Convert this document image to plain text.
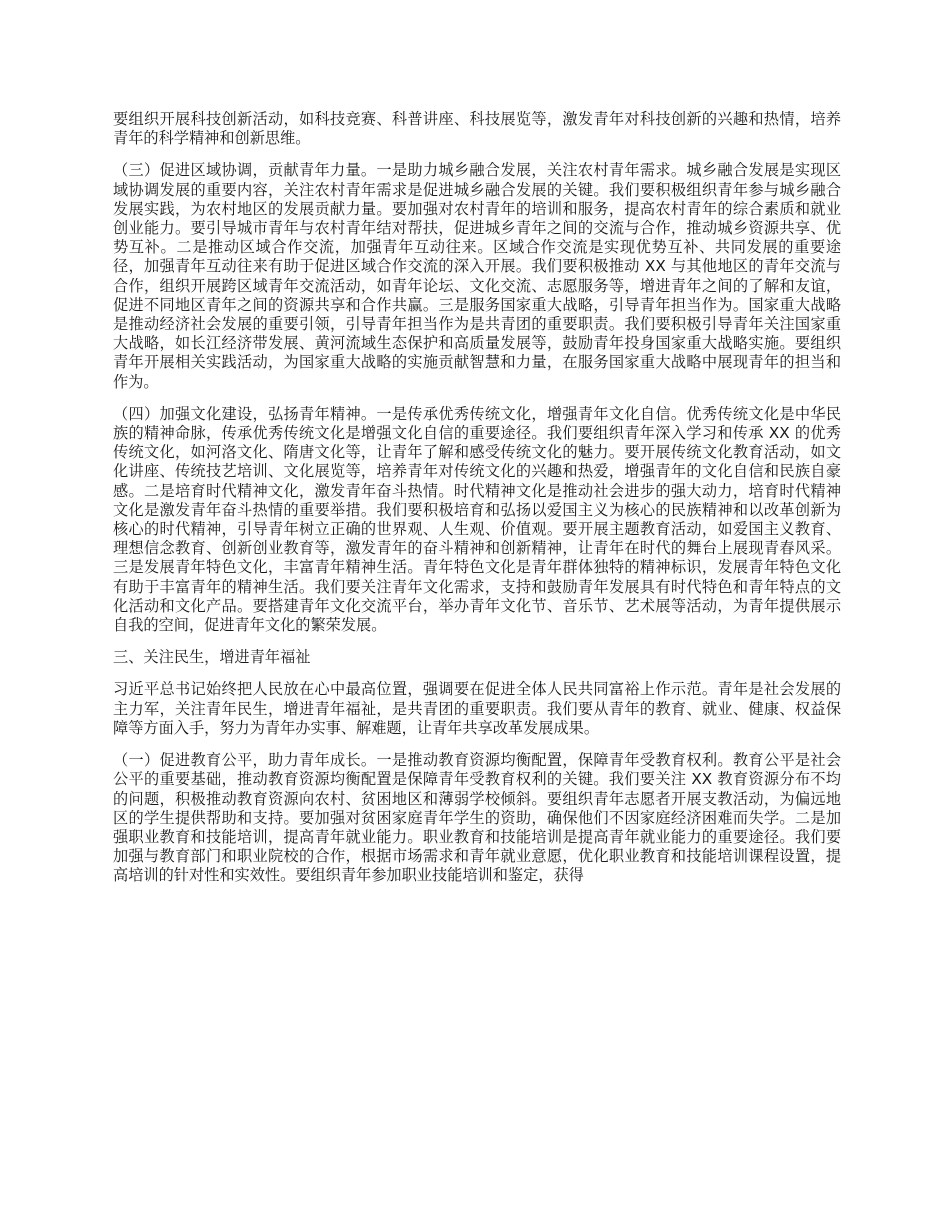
要组织开展科技创新活动，如科技竞赛、科普讲座、科技展览等，激发青年对科技创新的兴趣和热情，培养青年的科学精神和创新思维。

（三）促进区域协调，贡献青年力量。一是助力城乡融合发展，关注农村青年需求。城乡融合发展是实现区域协调发展的重要内容，关注农村青年需求是促进城乡融合发展的关键。我们要积极组织青年参与城乡融合发展实践，为农村地区的发展贡献力量。要加强对农村青年的培训和服务，提高农村青年的综合素质和就业创业能力。要引导城市青年与农村青年结对帮扶，促进城乡青年之间的交流与合作，推动城乡资源共享、优势互补。二是推动区域合作交流，加强青年互动往来。区域合作交流是实现优势互补、共同发展的重要途径，加强青年互动往来有助于促进区域合作交流的深入开展。我们要积极推动 XX 与其他地区的青年交流与合作，组织开展跨区域青年交流活动，如青年论坛、文化交流、志愿服务等，增进青年之间的了解和友谊，促进不同地区青年之间的资源共享和合作共赢。三是服务国家重大战略，引导青年担当作为。国家重大战略是推动经济社会发展的重要引领，引导青年担当作为是共青团的重要职责。我们要积极引导青年关注国家重大战略，如长江经济带发展、黄河流域生态保护和高质量发展等，鼓励青年投身国家重大战略实施。要组织青年开展相关实践活动，为国家重大战略的实施贡献智慧和力量，在服务国家重大战略中展现青年的担当和作为。

（四）加强文化建设，弘扬青年精神。一是传承优秀传统文化，增强青年文化自信。优秀传统文化是中华民族的精神命脉，传承优秀传统文化是增强文化自信的重要途径。我们要组织青年深入学习和传承 XX 的优秀传统文化，如河洛文化、隋唐文化等，让青年了解和感受传统文化的魅力。要开展传统文化教育活动，如文化讲座、传统技艺培训、文化展览等，培养青年对传统文化的兴趣和热爱，增强青年的文化自信和民族自豪感。二是培育时代精神文化，激发青年奋斗热情。时代精神文化是推动社会进步的强大动力，培育时代精神文化是激发青年奋斗热情的重要举措。我们要积极培育和弘扬以爱国主义为核心的民族精神和以改革创新为核心的时代精神，引导青年树立正确的世界观、人生观、价值观。要开展主题教育活动，如爱国主义教育、理想信念教育、创新创业教育等，激发青年的奋斗精神和创新精神，让青年在时代的舞台上展现青春风采。三是发展青年特色文化，丰富青年精神生活。青年特色文化是青年群体独特的精神标识，发展青年特色文化有助于丰富青年的精神生活。我们要关注青年文化需求，支持和鼓励青年发展具有时代特色和青年特点的文化活动和文化产品。要搭建青年文化交流平台，举办青年文化节、音乐节、艺术展等活动，为青年提供展示自我的空间，促进青年文化的繁荣发展。

三、关注民生，增进青年福祉

习近平总书记始终把人民放在心中最高位置，强调要在促进全体人民共同富裕上作示范。青年是社会发展的主力军，关注青年民生，增进青年福祉，是共青团的重要职责。我们要从青年的教育、就业、健康、权益保障等方面入手，努力为青年办实事、解难题，让青年共享改革发展成果。

（一）促进教育公平，助力青年成长。一是推动教育资源均衡配置，保障青年受教育权利。教育公平是社会公平的重要基础，推动教育资源均衡配置是保障青年受教育权利的关键。我们要关注 XX 教育资源分布不均的问题，积极推动教育资源向农村、贫困地区和薄弱学校倾斜。要组织青年志愿者开展支教活动，为偏远地区的学生提供帮助和支持。要加强对贫困家庭青年学生的资助，确保他们不因家庭经济困难而失学。二是加强职业教育和技能培训，提高青年就业能力。职业教育和技能培训是提高青年就业能力的重要途径。我们要加强与教育部门和职业院校的合作，根据市场需求和青年就业意愿，优化职业教育和技能培训课程设置，提高培训的针对性和实效性。要组织青年参加职业技能培训和鉴定，获得
